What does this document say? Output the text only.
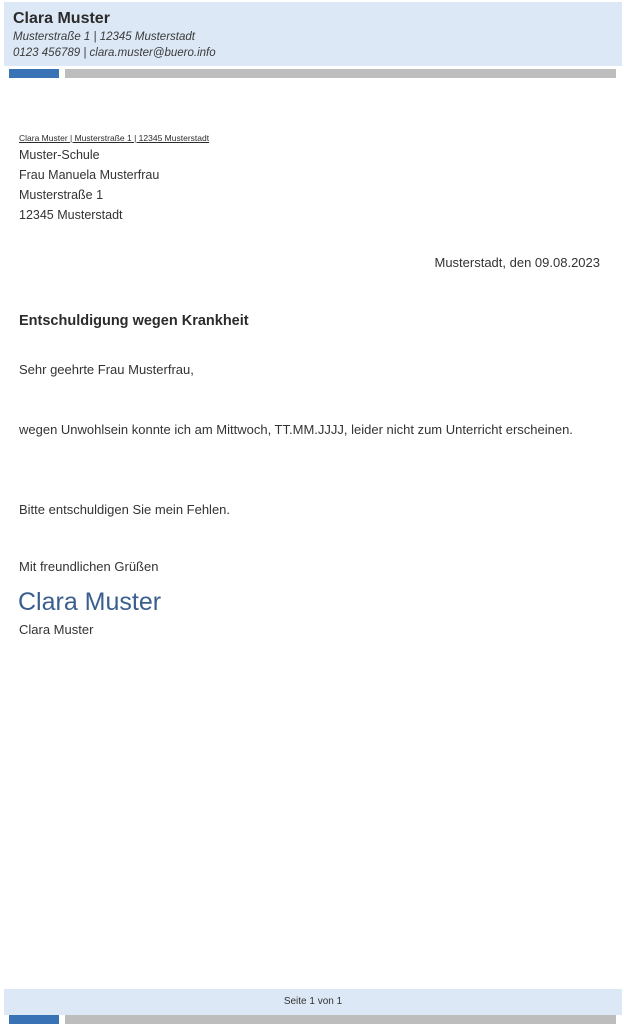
Clara Muster
Musterstraße 1 | 12345 Musterstadt
0123 456789 | clara.muster@buero.info
Clara Muster | Musterstraße 1 | 12345 Musterstadt
Muster-Schule
Frau Manuela Musterfrau
Musterstraße 1
12345 Musterstadt
Musterstadt, den 09.08.2023
Entschuldigung wegen Krankheit
Sehr geehrte Frau Musterfrau,
wegen Unwohlsein konnte ich am Mittwoch, TT.MM.JJJJ, leider nicht zum Unterricht erscheinen.
Bitte entschuldigen Sie mein Fehlen.
Mit freundlichen Grüßen
Clara Muster
Clara Muster
Seite 1 von 1
